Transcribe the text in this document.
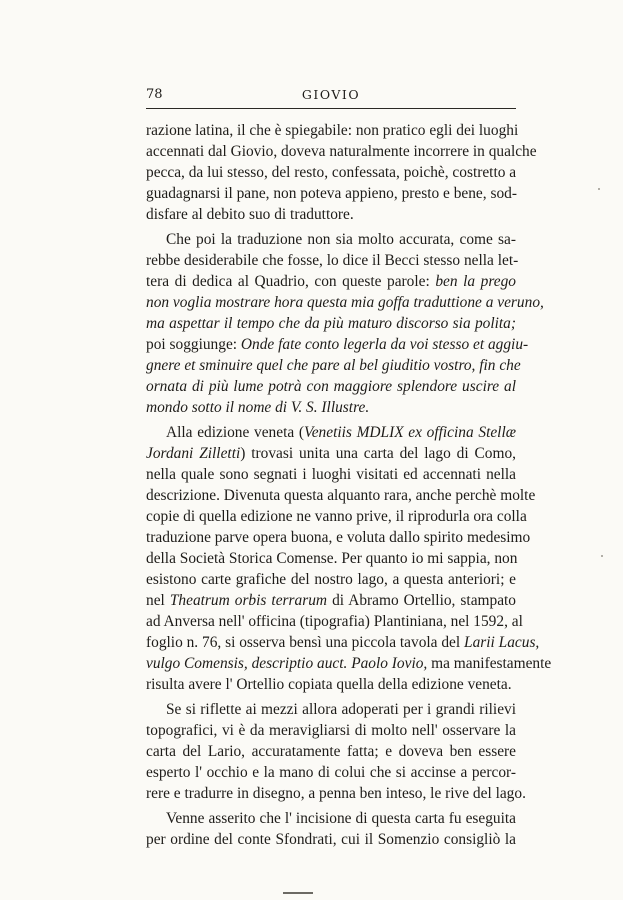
78	GIOVIO
razione latina, il che è spiegabile: non pratico egli dei luoghi
accennati dal Giovio, doveva naturalmente incorrere in qualche
pecca, da lui stesso, del resto, confessata, poichè, costretto a
guadagnarsi il pane, non poteva appieno, presto e bene, sod-
disfare al debito suo di traduttore.
Che poi la traduzione non sia molto accurata, come sa-
rebbe desiderabile che fosse, lo dice il Becci stesso nella let-
tera di dedica al Quadrio, con queste parole: ben la prego
non voglia mostrare hora questa mia goffa traduttione a veruno,
ma aspettar il tempo che da più maturo discorso sia polita;
poi soggiunge: Onde fate conto legerla da voi stesso et aggiu-
gnere et sminuire quel che pare al bel giuditio vostro, fin che
ornata di più lume potrà con maggiore splendore uscire al
mondo sotto il nome di V. S. Illustre.
Alla edizione veneta (Venetiis MDLIX ex officina Stellæ
Jordani Zilletti) trovasi unita una carta del lago di Como,
nella quale sono segnati i luoghi visitati ed accennati nella
descrizione. Divenuta questa alquanto rara, anche perchè molte
copie di quella edizione ne vanno prive, il riprodurla ora colla
traduzione parve opera buona, e voluta dallo spirito medesimo
della Società Storica Comense. Per quanto io mi sappia, non
esistono carte grafiche del nostro lago, a questa anteriori; e
nel Theatrum orbis terrarum di Abramo Ortellio, stampato
ad Anversa nell' officina (tipografia) Plantiniana, nel 1592, al
foglio n. 76, si osserva bensì una piccola tavola del Larii Lacus,
vulgo Comensis, descriptio auct. Paolo Iovio, ma manifestamente
risulta avere l' Ortellio copiata quella della edizione veneta.
Se si riflette ai mezzi allora adoperati per i grandi rilievi
topografici, vi è da meravigliarsi di molto nell' osservare la
carta del Lario, accuratamente fatta; e doveva ben essere
esperto l' occhio e la mano di colui che si accinse a percor-
rere e tradurre in disegno, a penna ben inteso, le rive del lago.
Venne asserito che l' incisione di questa carta fu eseguita
per ordine del conte Sfondrati, cui il Somenzio consigliò la
